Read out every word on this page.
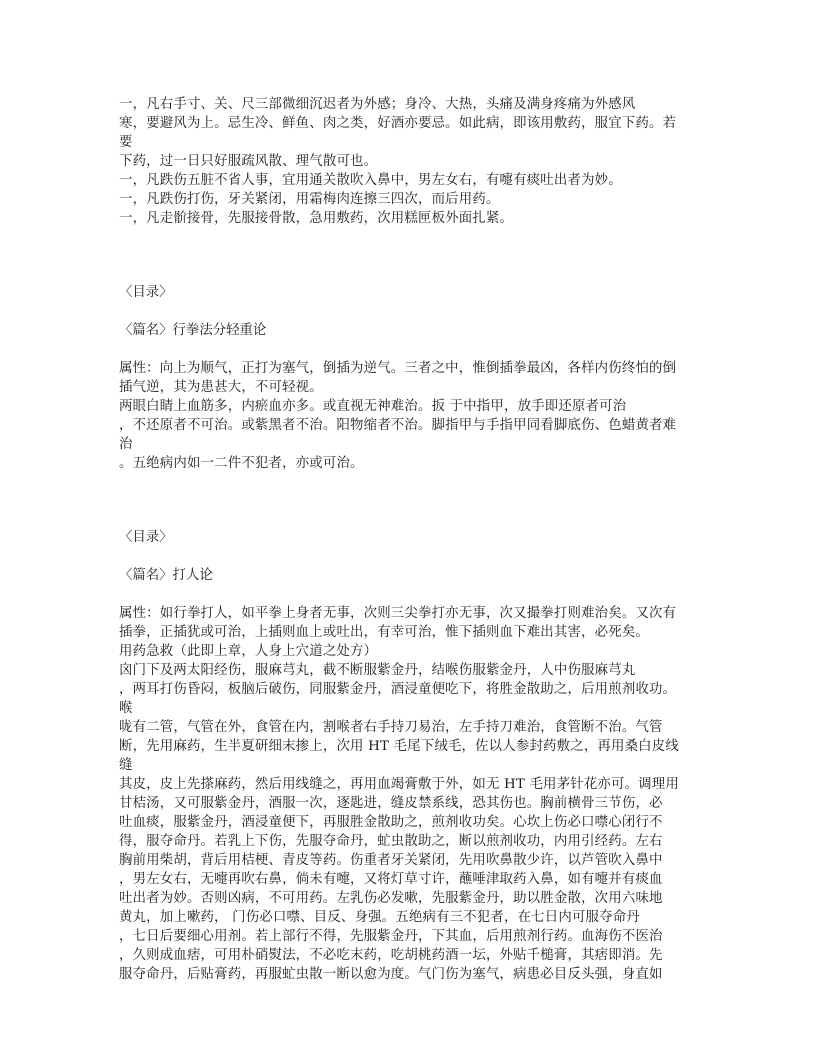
一，凡右手寸、关、尺三部微细沉迟者为外感；身冷、大热，头痛及满身疼痛为外感风
寒，要避风为上。忌生冷、鲜鱼、肉之类，好酒亦要忌。如此病，即该用敷药，服宜下药。若
要
下药，过一日只好服疏风散、理气散可也。
一，凡跌伤五脏不省人事，宜用通关散吹入鼻中，男左女右，有嚏有痰吐出者为妙。
一，凡跌伤打伤，牙关紧闭，用霜梅肉连擦三四次，而后用药。
一，凡走骱接骨，先服接骨散，急用敷药，次用糕匣板外面扎紧。
〈目录〉
〈篇名〉行拳法分轻重论
属性：向上为顺气，正打为塞气，倒插为逆气。三者之中，惟倒插拳最凶，各样内伤终怕的倒
插气逆，其为患甚大，不可轻视。
两眼白睛上血筋多，内瘀血亦多。或直视无神难治。扳 于中指甲，放手即还原者可治
，不还原者不可治。或紫黑者不治。阳物缩者不治。脚指甲与手指甲同看脚底伤、色蜡黄者难
治
。五绝病内如一二件不犯者，亦或可治。
〈目录〉
〈篇名〉打人论
属性：如行拳打人，如平拳上身者无事，次则三尖拳打亦无事，次又撮拳打则难治矣。又次有
插拳，正插犹或可治，上插则血上或吐出，有幸可治，惟下插则血下难出其害，必死矣。
用药急救（此即上章，人身上穴道之处方）
囟门下及两太阳经伤，服麻芎丸，截不断服紫金丹，结喉伤服紫金丹，人中伤服麻芎丸
，两耳打伤昏闷，板脑后破伤，同服紫金丹，酒浸童便吃下，将胜金散助之，后用煎剂收功。
喉
咙有二管，气管在外，食管在内，割喉者右手持刀易治，左手持刀难治，食管断不治。气管
断，先用麻药，生半夏研细末掺上，次用 HT 毛尾下绒毛，佐以人参封药敷之，再用桑白皮线
缝
其皮，皮上先搽麻药，然后用线缝之，再用血竭膏敷于外，如无 HT 毛用茅针花亦可。调理用
甘桔汤，又可服紫金丹，酒服一次，逐匙进，缝皮禁系线，恐其伤也。胸前横骨三节伤，必
吐血痰，服紫金丹，酒浸童便下，再服胜金散助之，煎剂收功矣。心坎上伤必口噤心闭行不
得，服夺命丹。若乳上下伤，先服夺命丹，虻虫散助之，断以煎剂收功，内用引经药。左右
胸前用柴胡，背后用桔梗、青皮等药。伤重者牙关紧闭，先用吹鼻散少许，以芦管吹入鼻中
，男左女右，无嚏再吹右鼻，倘未有嚏，又将灯草寸许，蘸唾津取药入鼻，如有嚏并有痰血
吐出者为妙。否则凶病，不可用药。左乳伤必发嗽，先服紫金丹，助以胜金散，次用六味地
黄丸，加上嗽药， 门伤必口噤、目反、身强。五绝病有三不犯者，在七日内可服夺命丹
，七日后要细心用剂。若上部行不得，先服紫金丹，下其血，后用煎剂行药。血海伤不医治
，久则成血痞，可用朴硝熨法，不必吃末药，吃胡桃药酒一坛，外贴千槌膏，其痞即消。先
服夺命丹，后贴膏药，再服虻虫散一断以愈为度。气门伤为塞气，病患必目反头强，身直如
